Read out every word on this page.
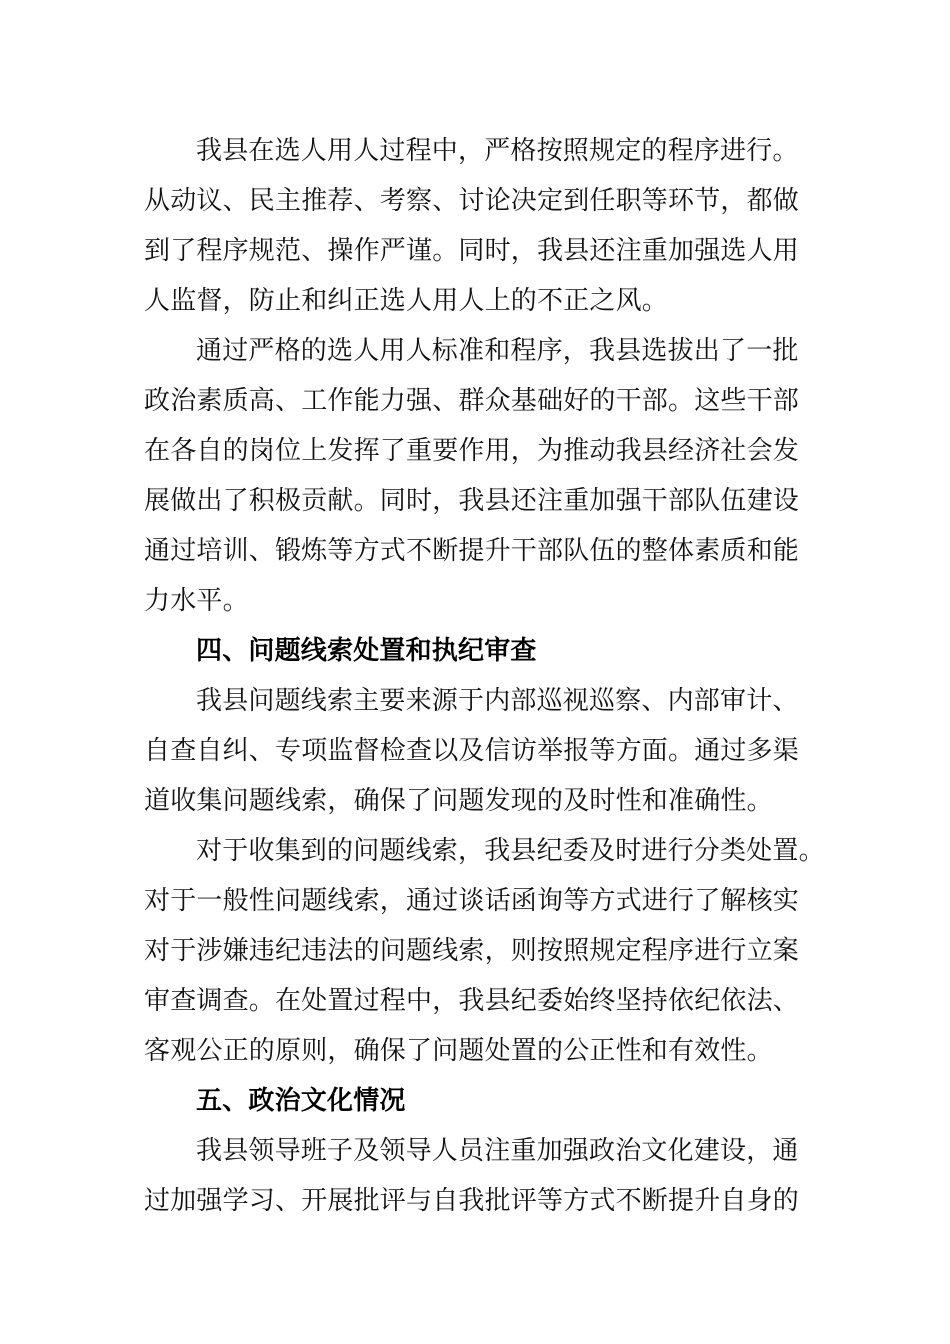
我县在选人用人过程中，严格按照规定的程序进行。
从动议、民主推荐、考察、讨论决定到任职等环节，都做
到了程序规范、操作严谨。同时，我县还注重加强选人用
人监督，防止和纠正选人用人上的不正之风。
通过严格的选人用人标准和程序，我县选拔出了一批
政治素质高、工作能力强、群众基础好的干部。这些干部
在各自的岗位上发挥了重要作用，为推动我县经济社会发
展做出了积极贡献。同时，我县还注重加强干部队伍建设
通过培训、锻炼等方式不断提升干部队伍的整体素质和能
力水平。
四、问题线索处置和执纪审查
我县问题线索主要来源于内部巡视巡察、内部审计、
自查自纠、专项监督检查以及信访举报等方面。通过多渠
道收集问题线索，确保了问题发现的及时性和准确性。
对于收集到的问题线索，我县纪委及时进行分类处置。
对于一般性问题线索，通过谈话函询等方式进行了解核实
对于涉嫌违纪违法的问题线索，则按照规定程序进行立案
审查调查。在处置过程中，我县纪委始终坚持依纪依法、
客观公正的原则，确保了问题处置的公正性和有效性。
五、政治文化情况
我县领导班子及领导人员注重加强政治文化建设，通
过加强学习、开展批评与自我批评等方式不断提升自身的
